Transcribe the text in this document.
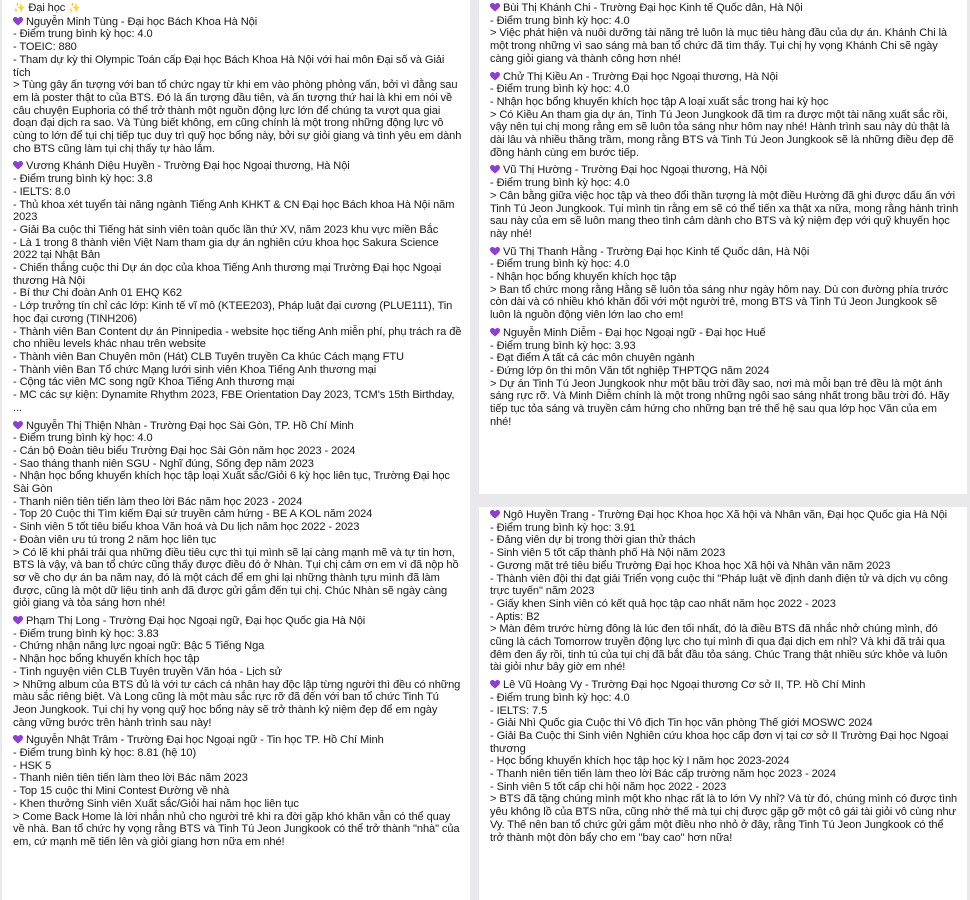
✨ Đại học ✨
Nguyễn Minh Tùng - Đại học Bách Khoa Hà Nội
- Điểm trung bình kỳ học: 4.0
- TOEIC: 880
- Tham dự kỳ thi Olympic Toán cấp Đại học Bách Khoa Hà Nội với hai môn Đại số và Giải tích
> Tùng gây ấn tượng với ban tổ chức ngay từ khi em vào phòng phỏng vấn, bởi vì đằng sau em là poster thật to của BTS. Đó là ấn tượng đầu tiên, và ấn tượng thứ hai là khi em nói về câu chuyện Euphoria có thể trở thành một nguồn động lực lớn để chúng ta vượt qua giai đoạn đại dịch ra sao. Và Tùng biết không, em cũng chính là một trong những động lực vô cùng to lớn để tụi chị tiếp tục duy trì quỹ học bổng này, bởi sự giỏi giang và tình yêu em dành cho BTS cũng làm tụi chị thấy tự hào lắm.
Vương Khánh Diệu Huyền - Trường Đại học Ngoại thương, Hà Nội
- Điểm trung bình kỳ học: 3.8
- IELTS: 8.0
- Thủ khoa xét tuyển tài năng ngành Tiếng Anh KHKT & CN Đại học Bách khoa Hà Nội năm 2023
- Giải Ba cuộc thi Tiếng hát sinh viên toàn quốc lần thứ XV, năm 2023 khu vực miền Bắc
- Là 1 trong 8 thành viên Việt Nam tham gia dự án nghiên cứu khoa học Sakura Science 2022 tại Nhật Bản
- Chiến thắng cuộc thi Dự án dọc của khoa Tiếng Anh thương mại Trường Đại học Ngoại thương Hà Nội
- Bí thư Chi đoàn Anh 01 EHQ K62
- Lớp trưởng tín chỉ các lớp: Kinh tế vĩ mô (KTEE203), Pháp luật đại cương (PLUE111), Tin học đại cương (TINH206)
- Thành viên Ban Content dự án Pinnipedia - website học tiếng Anh miễn phí, phụ trách ra đề cho nhiều levels khác nhau trên website
- Thành viên Ban Chuyên môn (Hát) CLB Tuyên truyền Ca khúc Cách mạng FTU
- Thành viên Ban Tổ chức Mạng lưới sinh viên Khoa Tiếng Anh thương mại
- Cộng tác viên MC song ngữ Khoa Tiếng Anh thương mại
- MC các sự kiện: Dynamite Rhythm 2023, FBE Orientation Day 2023, TCM's 15th Birthday, ...
Nguyễn Thị Thiện Nhàn - Trường Đại học Sài Gòn, TP. Hồ Chí Minh
- Điểm trung bình kỳ học: 4.0
- Cán bộ Đoàn tiêu biểu Trường Đại học Sài Gòn năm học 2023 - 2024
- Sao tháng thanh niên SGU - Nghĩ đúng, Sống đẹp năm 2023
- Nhận học bổng khuyến khích học tập loại Xuất sắc/Giỏi 6 kỳ học liên tục, Trường Đại học Sài Gòn
- Thanh niên tiên tiến làm theo lời Bác năm học 2023 - 2024
- Top 20 Cuộc thi Tìm kiếm Đại sứ truyền cảm hứng - BE A KOL năm 2024
- Sinh viên 5 tốt tiêu biểu khoa Văn hoá và Du lịch năm học 2022 - 2023
- Đoàn viên ưu tú trong 2 năm học liên tục
> Có lẽ khi phải trải qua những điều tiêu cực thì tụi mình sẽ lại càng mạnh mẽ và tự tin hơn, BTS là vậy, và ban tổ chức cũng thấy được điều đó ở Nhàn. Tụi chị cảm ơn em vì đã nộp hồ sơ về cho dự án ba năm nay, đó là một cách để em ghi lại những thành tựu mình đã làm được, cũng là một dữ liệu tinh anh đã được gửi gắm đến tụi chị. Chúc Nhàn sẽ ngày càng giỏi giang và tỏa sáng hơn nhé!
Phạm Thị Long - Trường Đại học Ngoại ngữ, Đại học Quốc gia Hà Nội
- Điểm trung bình kỳ học: 3.83
- Chứng nhận năng lực ngoại ngữ: Bậc 5 Tiếng Nga
- Nhận học bổng khuyến khích học tập
- Tình nguyện viên CLB Tuyên truyền Văn hóa - Lịch sử
> Những album của BTS đủ là với tư cách cá nhân hay độc lập từng người thì đều có những màu sắc riêng biệt. Và Long cũng là một màu sắc rực rỡ đã đến với ban tổ chức Tinh Tú Jeon Jungkook. Tụi chị hy vọng quỹ học bổng này sẽ trở thành kỷ niệm đẹp để em ngày càng vững bước trên hành trình sau này!
Nguyễn Nhật Trâm - Trường Đại học Ngoại ngữ - Tin học TP. Hồ Chí Minh
- Điểm trung bình kỳ học: 8.81 (hệ 10)
- HSK 5
- Thanh niên tiên tiến làm theo lời Bác năm 2023
- Top 15 cuộc thi Mini Contest Đường về nhà
- Khen thưởng Sinh viên Xuất sắc/Giỏi hai năm học liên tục
> Come Back Home là lời nhắn nhủ cho người trẻ khi ra đời gặp khó khăn vẫn có thể quay về nhà. Ban tổ chức hy vọng rằng BTS và Tinh Tú Jeon Jungkook có thể trở thành "nhà" của em, cứ mạnh mẽ tiến lên và giỏi giang hơn nữa em nhé!
Bùi Thị Khánh Chi - Trường Đại học Kinh tế Quốc dân, Hà Nội
- Điểm trung bình kỳ học: 4.0
> Việc phát hiện và nuôi dưỡng tài năng trẻ luôn là mục tiêu hàng đầu của dự án. Khánh Chi là một trong những vì sao sáng mà ban tổ chức đã tìm thấy. Tụi chị hy vọng Khánh Chi sẽ ngày càng giỏi giang và thành công hơn nhé!
Chử Thị Kiều An - Trường Đại học Ngoại thương, Hà Nội
- Điểm trung bình kỳ học: 4.0
- Nhận học bổng khuyến khích học tập A loại xuất sắc trong hai kỳ học
> Có Kiều An tham gia dự án, Tinh Tú Jeon Jungkook đã tìm ra được một tài năng xuất sắc rồi, vậy nên tụi chị mong rằng em sẽ luôn tỏa sáng như hôm nay nhé! Hành trình sau này dù thật là dài lâu và nhiều thăng trầm, mong rằng BTS và Tinh Tú Jeon Jungkook sẽ là những điều đẹp đẽ đồng hành cùng em bước tiếp.
Vũ Thị Hường - Trường Đại học Ngoại thương, Hà Nội
- Điểm trung bình kỳ học: 4.0
> Cân bằng giữa việc học tập và theo đổi thần tượng là một điều Hường đã ghi được dấu ấn với Tinh Tú Jeon Jungkook. Tụi mình tin rằng em sẽ có thể tiến xa thật xa nữa, mong rằng hành trình sau này của em sẽ luôn mang theo tình cảm dành cho BTS và kỷ niệm đẹp với quỹ khuyến học này nhé!
Vũ Thị Thanh Hằng - Trường Đại học Kinh tế Quốc dân, Hà Nội
- Điểm trung bình kỳ học: 4.0
- Nhận học bổng khuyến khích học tập
> Ban tổ chức mong rằng Hằng sẽ luôn tỏa sáng như ngày hôm nay. Dù con đường phía trước còn dài và có nhiều khó khăn đối với một người trẻ, mong BTS và Tinh Tú Jeon Jungkook sẽ luôn là nguồn động viên lớn lao cho em!
Nguyễn Minh Diễm - Đại học Ngoại ngữ - Đại học Huế
- Điểm trung bình kỳ học: 3.93
- Đạt điểm A tất cả các môn chuyên ngành
- Đứng lớp ôn thi môn Văn tốt nghiệp THPTQG năm 2024
> Dự án Tinh Tú Jeon Jungkook như một bầu trời đầy sao, nơi mà mỗi bạn trẻ đều là một ánh sáng rực rỡ. Và Minh Diễm chính là một trong những ngôi sao sáng nhất trong bầu trời đó. Hãy tiếp tục tỏa sáng và truyền cảm hứng cho những bạn trẻ thế hệ sau qua lớp học Văn của em nhé!
Ngô Huyền Trang - Trường Đại học Khoa học Xã hội và Nhân văn, Đại học Quốc gia Hà Nội
- Điểm trung bình kỳ học: 3.91
- Đảng viên dự bị trong thời gian thử thách
- Sinh viên 5 tốt cấp thành phố Hà Nội năm 2023
- Gương mặt trẻ tiêu biểu Trường Đại học Khoa học Xã hội và Nhân văn năm 2023
- Thành viên đội thi đạt giải Triển vọng cuộc thi "Pháp luật về định danh điện tử và dịch vụ công trực tuyến" năm 2023
- Giấy khen Sinh viên có kết quả học tập cao nhất năm học 2022 - 2023
- Aptis: B2
> Màn đêm trước hừng đông là lúc đen tối nhất, đó là điều BTS đã nhắc nhở chúng mình, đó cũng là cách Tomorrow truyền động lực cho tụi mình đi qua đại dịch em nhỉ? Và khi đã trải qua đêm đen ấy rồi, tinh tú của tụi chị đã bắt đầu tỏa sáng. Chúc Trang thật nhiều sức khỏe và luôn tài giỏi như bây giờ em nhé!
Lê Vũ Hoàng Vy - Trường Đại học Ngoại thương Cơ sở II, TP. Hồ Chí Minh
- Điểm trung bình kỳ học: 4.0
- IELTS: 7.5
- Giải Nhì Quốc gia Cuộc thi Vô địch Tin học văn phòng Thế giới MOSWC 2024
- Giải Ba Cuộc thi Sinh viên Nghiên cứu khoa học cấp đơn vị tại cơ sở II Trường Đại học Ngoại thương
- Học bổng khuyến khích học tập học kỳ I năm học 2023-2024
- Thanh niên tiên tiến làm theo lời Bác cấp trường năm học 2023 - 2024
- Sinh viên 5 tốt cấp chi hội năm học 2022 - 2023
> BTS đã tặng chúng mình một kho nhạc rất là to lớn Vy nhỉ? Và từ đó, chúng mình có được tình yêu không lồ của BTS nữa, cũng nhờ thế mà tụi chị được gặp gỡ một cô gái tài giỏi vô cùng như Vy. Thế nên ban tổ chức gửi gắm một điều nho nhỏ ở đây, rằng Tinh Tú Jeon Jungkook có thể trở thành một đòn bẩy cho em "bay cao" hơn nữa!
